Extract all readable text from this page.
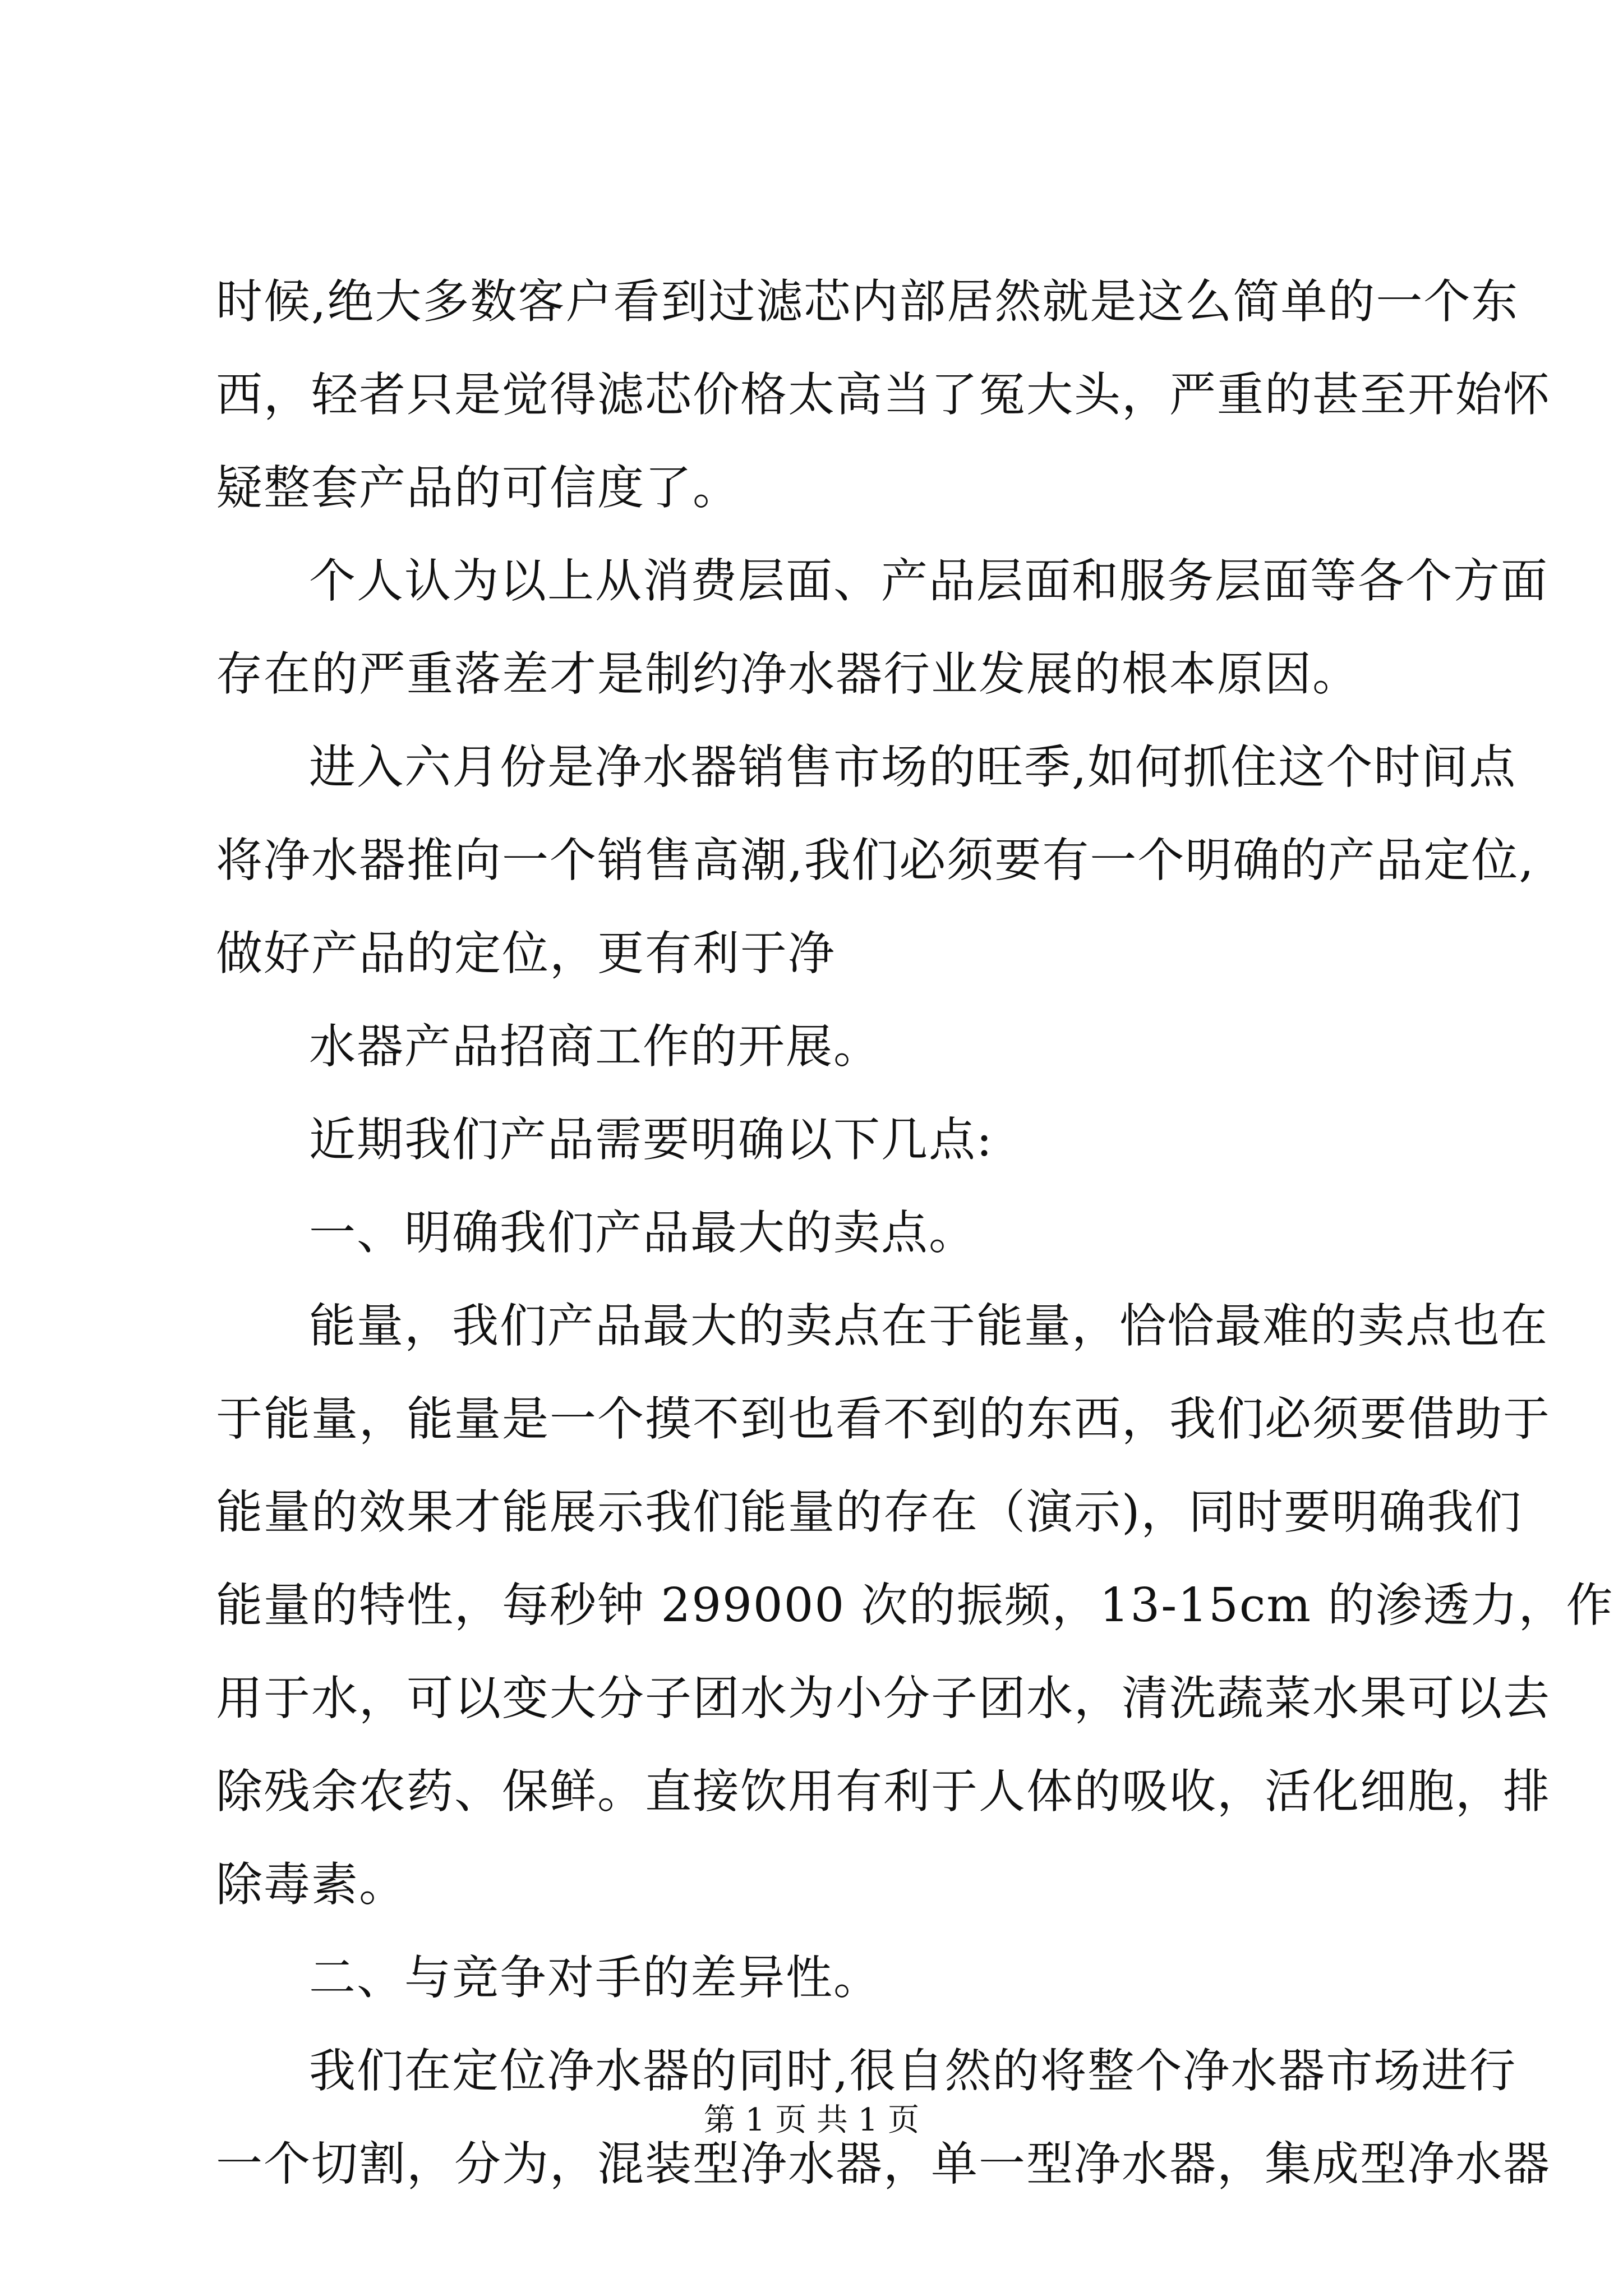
时候,绝大多数客户看到过滤芯内部居然就是这么简单的一个东
西，轻者只是觉得滤芯价格太高当了冤大头，严重的甚至开始怀
疑整套产品的可信度了。
个人认为以上从消费层面、产品层面和服务层面等各个方面
存在的严重落差才是制约净水器行业发展的根本原因。
进入六月份是净水器销售市场的旺季,如何抓住这个时间点
将净水器推向一个销售高潮,我们必须要有一个明确的产品定位,
做好产品的定位，更有利于净
水器产品招商工作的开展。
近期我们产品需要明确以下几点:
一、明确我们产品最大的卖点。
能量，我们产品最大的卖点在于能量，恰恰最难的卖点也在
于能量，能量是一个摸不到也看不到的东西，我们必须要借助于
能量的效果才能展示我们能量的存在（演示)，同时要明确我们
能量的特性，每秒钟 299000 次的振频，13-15cm 的渗透力，作
用于水，可以变大分子团水为小分子团水，清洗蔬菜水果可以去
除残余农药、保鲜。直接饮用有利于人体的吸收，活化细胞，排
除毒素。
二、与竞争对手的差异性。
我们在定位净水器的同时,很自然的将整个净水器市场进行
一个切割，分为，混装型净水器，单一型净水器，集成型净水器
第 1 页 共 1 页
